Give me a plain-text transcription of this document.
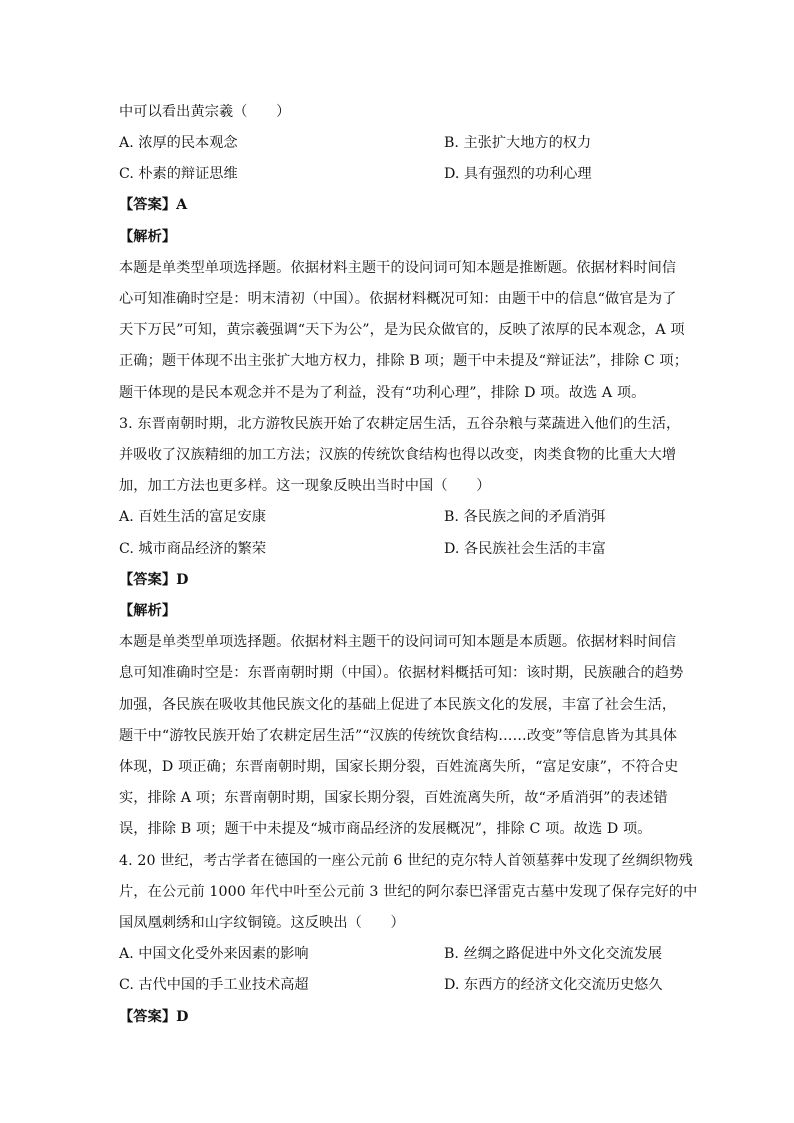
中可以看出黄宗羲（　　）
A. 浓厚的民本观念	B. 主张扩大地方的权力
C. 朴素的辩证思维	D. 具有强烈的功利心理
【答案】A
【解析】
本题是单类型单项选择题。依据材料主题干的设问词可知本题是推断题。依据材料时间信
心可知准确时空是：明末清初（中国）。依据材料概况可知：由题干中的信息“做官是为了
天下万民”可知，黄宗羲强调“天下为公”，是为民众做官的，反映了浓厚的民本观念，A 项
正确；题干体现不出主张扩大地方权力，排除 B 项；题干中未提及“辩证法”，排除 C 项；
题干体现的是民本观念并不是为了利益，没有“功利心理”，排除 D 项。故选 A 项。
3. 东晋南朝时期，北方游牧民族开始了农耕定居生活，五谷杂粮与菜蔬进入他们的生活，
并吸收了汉族精细的加工方法；汉族的传统饮食结构也得以改变，肉类食物的比重大大增
加，加工方法也更多样。这一现象反映出当时中国（　　）
A. 百姓生活的富足安康	B. 各民族之间的矛盾消弭
C. 城市商品经济的繁荣	D. 各民族社会生活的丰富
【答案】D
【解析】
本题是单类型单项选择题。依据材料主题干的设问词可知本题是本质题。依据材料时间信
息可知准确时空是：东晋南朝时期（中国）。依据材料概括可知：该时期，民族融合的趋势
加强，各民族在吸收其他民族文化的基础上促进了本民族文化的发展，丰富了社会生活，
题干中“游牧民族开始了农耕定居生活”“汉族的传统饮食结构……改变”等信息皆为其具体
体现，D 项正确；东晋南朝时期，国家长期分裂，百姓流离失所，“富足安康”，不符合史
实，排除 A 项；东晋南朝时期，国家长期分裂，百姓流离失所，故“矛盾消弭”的表述错
误，排除 B 项；题干中未提及“城市商品经济的发展概况”，排除 C 项。故选 D 项。
4. 20 世纪，考古学者在德国的一座公元前 6 世纪的克尔特人首领墓葬中发现了丝绸织物残
片，在公元前 1000 年代中叶至公元前 3 世纪的阿尔泰巴泽雷克古墓中发现了保存完好的中
国凤凰刺绣和山字纹铜镜。这反映出（　　）
A. 中国文化受外来因素的影响	B. 丝绸之路促进中外文化交流发展
C. 古代中国的手工业技术高超	D. 东西方的经济文化交流历史悠久
【答案】D
